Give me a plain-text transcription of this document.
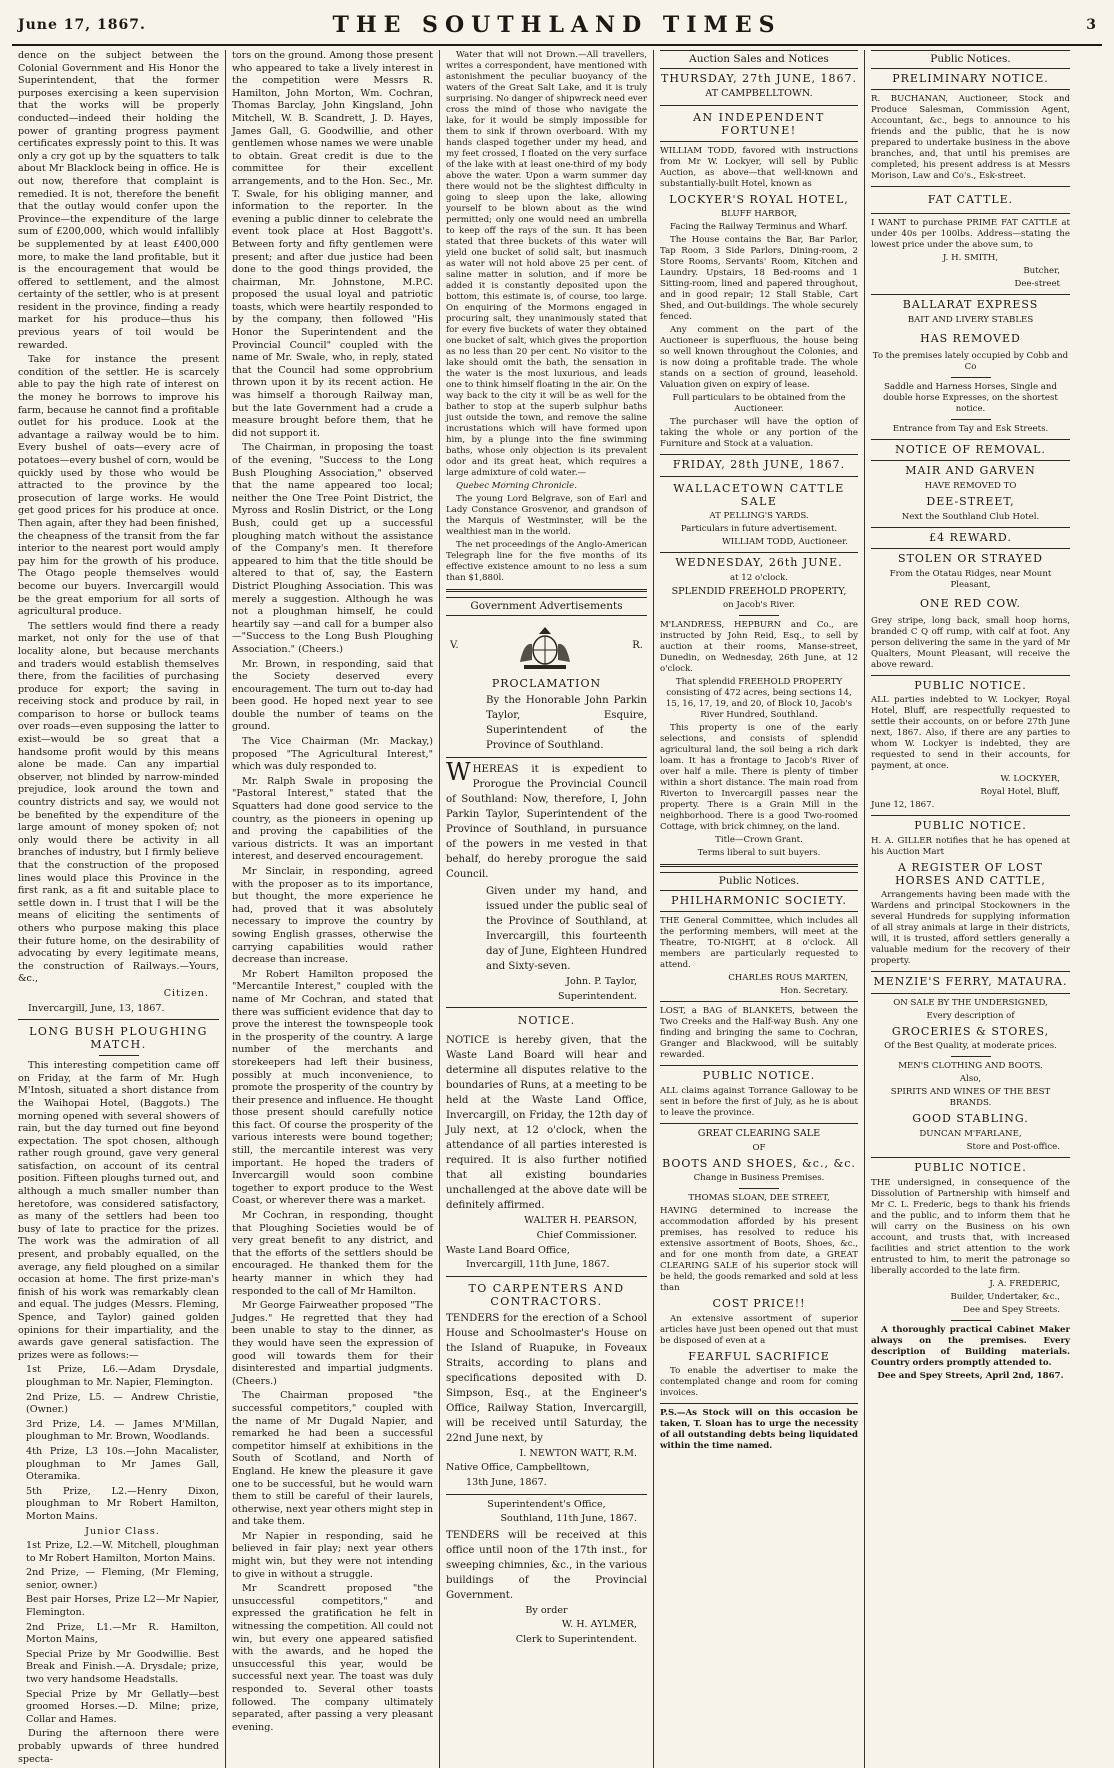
June 17, 1867.	THE SOUTHLAND TIMES	3

dence on the subject between the Colonial Government and His Honor the Superintendent, that the former purposes exercising a keen supervision that the works will be properly conducted—indeed their holding the power of granting progress payment certificates expressly point to this. It was only a cry got up by the squatters to talk about Mr Blacklock being in office. He is out now, therefore that complaint is remedied. It is not, therefore the benefit that the outlay would confer upon the Province—the expenditure of the large sum of £200,000, which would infallibly be supplemented by at least £400,000 more, to make the land profitable, but it is the encouragement that would be offered to settlement, and the almost certainty of the settler, who is at present resident in the province, finding a ready market for his produce—thus his previous years of toil would be rewarded.

Take for instance the present condition of the settler. He is scarcely able to pay the high rate of interest on the money he borrows to improve his farm, because he cannot find a profitable outlet for his produce. Look at the advantage a railway would be to him. Every bushel of oats—every acre of potatoes—every bushel of corn, would be quickly used by those who would be attracted to the province by the prosecution of large works. He would get good prices for his produce at once. Then again, after they had been finished, the cheapness of the transit from the far interior to the nearest port would amply pay him for the growth of his produce. The Otago people themselves would become our buyers. Invercargill would be the great emporium for all sorts of agricultural produce.

The settlers would find there a ready market, not only for the use of that locality alone, but because merchants and traders would establish themselves there, from the facilities of purchasing produce for export; the saving in receiving stock and produce by rail, in comparison to horse or bullock teams over roads—even supposing the latter to exist—would be so great that a handsome profit would by this means alone be made. Can any impartial observer, not blinded by narrow-minded prejudice, look around the town and country districts and say, we would not be benefited by the expenditure of the large amount of money spoken of; not only would there be activity in all branches of industry, but I firmly believe that the construction of the proposed lines would place this Province in the first rank, as a fit and suitable place to settle down in. I trust that I will be the means of eliciting the sentiments of others who purpose making this place their future home, on the desirability of advocating by every legitimate means, the construction of Railways.—Yours, &c.,

Citizen.

Invercargill, June, 13, 1867.

LONG BUSH PLOUGHING MATCH.

This interesting competition came off on Friday, at the farm of Mr. Hugh M'Intosh, situated a short distance from the Waihopai Hotel, (Baggots.) The morning opened with several showers of rain, but the day turned out fine beyond expectation. The spot chosen, although rather rough ground, gave very general satisfaction, on account of its central position. Fifteen ploughs turned out, and although a much smaller number than heretofore, was considered satisfactory, as many of the settlers had been too busy of late to practice for the prizes. The work was the admiration of all present, and probably equalled, on the average, any field ploughed on a similar occasion at home. The first prize-man's finish of his work was remarkably clean and equal. The judges (Messrs. Fleming, Spence, and Taylor) gained golden opinions for their impartiality, and the awards gave general satisfaction. The prizes were as follows:—

1st Prize, L6.—Adam Drysdale, ploughman to Mr. Napier, Flemington.

2nd Prize, L5. — Andrew Christie, (Owner.)

3rd Prize, L4. — James M'Millan, ploughman to Mr. Brown, Woodlands.

4th Prize, L3 10s.—John Macalister, ploughman to Mr James Gall, Oteramika.

5th Prize, L2.—Henry Dixon, ploughman to Mr Robert Hamilton, Morton Mains.

Junior Class.

1st Prize, L2.—W. Mitchell, ploughman to Mr Robert Hamilton, Morton Mains.

2nd Prize, — Fleming, (Mr Fleming, senior, owner.)

Best pair Horses, Prize L2—Mr Napier, Flemington.

2nd Prize, L1.—Mr R. Hamilton, Morton Mains,

Special Prize by Mr Goodwillie. Best Break and Finish.—A. Drysdale; prize, two very handsome Headstalls.

Special Prize by Mr Gellatly—best groomed Horses.—D. Milne; prize, Collar and Hames.

During the afternoon there were probably upwards of three hundred specta-

tors on the ground. Among those present who appeared to take a lively interest in the competition were Messrs R. Hamilton, John Morton, Wm. Cochran, Thomas Barclay, John Kingsland, John Mitchell, W. B. Scandrett, J. D. Hayes, James Gall, G. Goodwillie, and other gentlemen whose names we were unable to obtain. Great credit is due to the committee for their excellent arrangements, and to the Hon. Sec., Mr. T. Swale, for his obliging manner, and information to the reporter. In the evening a public dinner to celebrate the event took place at Host Baggott's. Between forty and fifty gentlemen were present; and after due justice had been done to the good things provided, the chairman, Mr. Johnstone, M.P.C. proposed the usual loyal and patriotic toasts, which were heartily responded to by the company, then followed "His Honor the Superintendent and the Provincial Council" coupled with the name of Mr. Swale, who, in reply, stated that the Council had some opprobrium thrown upon it by its recent action. He was himself a thorough Railway man, but the late Government had a crude a measure brought before them, that he did not support it.

The Chairman, in proposing the toast of the evening, "Success to the Long Bush Ploughing Association," observed that the name appeared too local; neither the One Tree Point District, the Myross and Roslin District, or the Long Bush, could get up a successful ploughing match without the assistance of the Company's men. It therefore appeared to him that the title should be altered to that of, say, the Eastern District Ploughing Association. This was merely a suggestion. Although he was not a ploughman himself, he could heartily say —and call for a bumper also—"Success to the Long Bush Ploughing Association." (Cheers.)

Mr. Brown, in responding, said that the Society deserved every encouragement. The turn out to-day had been good. He hoped next year to see double the number of teams on the ground.

The Vice Chairman (Mr. Mackay,) proposed "The Agricultural Interest," which was duly responded to.

Mr. Ralph Swale in proposing the "Pastoral Interest," stated that the Squatters had done good service to the country, as the pioneers in opening up and proving the capabilities of the various districts. It was an important interest, and deserved encouragement.

Mr Sinclair, in responding, agreed with the proposer as to its importance, but thought, the more experience he had, proved that it was absolutely necessary to improve the country by sowing English grasses, otherwise the carrying capabilities would rather decrease than increase.

Mr Robert Hamilton proposed the "Mercantile Interest," coupled with the name of Mr Cochran, and stated that there was sufficient evidence that day to prove the interest the townspeople took in the prosperity of the country. A large number of the merchants and storekeepers had left their business, possibly at much inconvenience, to promote the prosperity of the country by their presence and influence. He thought those present should carefully notice this fact. Of course the prosperity of the various interests were bound together; still, the mercantile interest was very important. He hoped the traders of Invercargill would soon combine together to export produce to the West Coast, or wherever there was a market.

Mr Cochran, in responding, thought that Ploughing Societies would be of very great benefit to any district, and that the efforts of the settlers should be encouraged. He thanked them for the hearty manner in which they had responded to the call of Mr Hamilton.

Mr George Fairweather proposed "The Judges." He regretted that they had been unable to stay to the dinner, as they would have seen the expression of good will towards them for their disinterested and impartial judgments. (Cheers.)

The Chairman proposed "the successful competitors," coupled with the name of Mr Dugald Napier, and remarked he had been a successful competitor himself at exhibitions in the South of Scotland, and North of England. He knew the pleasure it gave one to be successful, but he would warn them to still be careful of their laurels, otherwise, next year others might step in and take them.

Mr Napier in responding, said he believed in fair play; next year others might win, but they were not intending to give in without a struggle.

Mr Scandrett proposed "the unsuccessful competitors," and expressed the gratification he felt in witnessing the competition. All could not win, but every one appeared satisfied with the awards, and he hoped the unsuccessful this year, would be successful next year. The toast was duly responded to. Several other toasts followed. The company ultimately separated, after passing a very pleasant evening.

Water that will not Drown.—All travellers, writes a correspondent, have mentioned with astonishment the peculiar buoyancy of the waters of the Great Salt Lake, and it is truly surprising. No danger of shipwreck need ever cross the mind of those who navigate the lake, for it would be simply impossible for them to sink if thrown overboard. With my hands clasped together under my head, and my feet crossed, I floated on the very surface of the lake with at least one-third of my body above the water. Upon a warm summer day there would not be the slightest difficulty in going to sleep upon the lake, allowing yourself to be blown about as the wind permitted; only one would need an umbrella to keep off the rays of the sun. It has been stated that three buckets of this water will yield one bucket of solid salt, but inasmuch as water will not hold above 25 per cent. of saline matter in solution, and if more be added it is constantly deposited upon the bottom, this estimate is, of course, too large. On enquiring of the Mormons engaged in procuring salt, they unanimously stated that for every five buckets of water they obtained one bucket of salt, which gives the proportion as no less than 20 per cent. No visitor to the lake should omit the bath, the sensation in the water is the most luxurious, and leads one to think himself floating in the air. On the way back to the city it will be as well for the bather to stop at the superb sulphur baths just outside the town, and remove the saline incrustations which will have formed upon him, by a plunge into the fine swimming baths, whose only objection is its prevalent odor and its great heat, which requires a large admixture of cold water.—

Quebec Morning Chronicle.

The young Lord Belgrave, son of Earl and Lady Constance Grosvenor, and grandson of the Marquis of Westminster, will be the wealthiest man in the world.

The net proceedings of the Anglo-American Telegraph line for the five months of its effective existence amount to no less a sum than $1,880l.

Government Advertisements
V.	R.
PROCLAMATION

By the Honorable John Parkin Taylor, Esquire, Superintendent of the Province of Southland.

WHEREAS it is expedient to Prorogue the Provincial Council of Southland: Now, therefore, I, John Parkin Taylor, Superintendent of the Province of Southland, in pursuance of the powers in me vested in that behalf, do hereby prorogue the said Council.

Given under my hand, and issued under the public seal of the Province of Southland, at Invercargill, this fourteenth day of June, Eighteen Hundred and Sixty-seven.

John. P. Taylor,

Superintendent.

NOTICE.

NOTICE is hereby given, that the Waste Land Board will hear and determine all disputes relative to the boundaries of Runs, at a meeting to be held at the Waste Land Office, Invercargill, on Friday, the 12th day of July next, at 12 o'clock, when the attendance of all parties interested is required. It is also further notified that all existing boundaries unchallenged at the above date will be definitely affirmed.

WALTER H. PEARSON,

Chief Commissioner.

Waste Land Board Office,

Invercargill, 11th June, 1867.

TO CARPENTERS AND CONTRACTORS.

TENDERS for the erection of a School House and Schoolmaster's House on the Island of Ruapuke, in Foveaux Straits, according to plans and specifications deposited with D. Simpson, Esq., at the Engineer's Office, Railway Station, Invercargill, will be received until Saturday, the 22nd June next, by

I. NEWTON WATT, R.M.

Native Office, Campbelltown,

13th June, 1867.

Superintendent's Office,

Southland, 11th June, 1867.

TENDERS will be received at this office until noon of the 17th inst., for sweeping chimnies, &c., in the various buildings of the Provincial Government.

By order

W. H. AYLMER,

Clerk to Superintendent.

Auction Sales and Notices
THURSDAY, 27th JUNE, 1867.

AT CAMPBELLTOWN.

AN INDEPENDENT FORTUNE!

WILLIAM TODD, favored with instructions from Mr W. Lockyer, will sell by Public Auction, as above—that well-known and substantially-built Hotel, known as

LOCKYER'S ROYAL HOTEL,

BLUFF HARBOR,

Facing the Railway Terminus and Wharf.

The House contains the Bar, Bar Parlor, Tap Room, 3 Side Parlors, Dining-room, 2 Store Rooms, Servants' Room, Kitchen and Laundry. Upstairs, 18 Bed-rooms and 1 Sitting-room, lined and papered throughout, and in good repair; 12 Stall Stable, Cart Shed, and Out-buildings. The whole securely fenced.

Any comment on the part of the Auctioneer is superfluous, the house being so well known throughout the Colonies, and is now doing a profitable trade. The whole stands on a section of ground, leasehold. Valuation given on expiry of lease.

Full particulars to be obtained from the Auctioneer.

The purchaser will have the option of taking the whole or any portion of the Furniture and Stock at a valuation.

FRIDAY, 28th JUNE, 1867.
WALLACETOWN CATTLE SALE

AT PELLING'S YARDS.

Particulars in future advertisement.

WILLIAM TODD, Auctioneer.

WEDNESDAY, 26th JUNE.

at 12 o'clock.

SPLENDID FREEHOLD PROPERTY,

on Jacob's River.

M'LANDRESS, HEPBURN and Co., are instructed by John Reid, Esq., to sell by auction at their rooms, Manse-street, Dunedin, on Wednesday, 26th June, at 12 o'clock.

That splendid FREEHOLD PROPERTY consisting of 472 acres, being sections 14, 15, 16, 17, 19, and 20, of Block 10, Jacob's River Hundred, Southland.

This property is one of the early selections, and consists of splendid agricultural land, the soil being a rich dark loam. It has a frontage to Jacob's River of over half a mile. There is plenty of timber within a short distance. The main road from Riverton to Invercargill passes near the property. There is a Grain Mill in the neighborhood. There is a good Two-roomed Cottage, with brick chimney, on the land.

Title—Crown Grant.

Terms liberal to suit buyers.

Public Notices.
PHILHARMONIC SOCIETY.

THE General Committee, which includes all the performing members, will meet at the Theatre, TO-NIGHT, at 8 o'clock. All members are particularly requested to attend.

CHARLES ROUS MARTEN,

Hon. Secretary.

LOST, a BAG of BLANKETS, between the Two Creeks and the Half-way Bush. Any one finding and bringing the same to Cochran, Granger and Blackwood, will be suitably rewarded.

PUBLIC NOTICE.

ALL claims against Torrance Galloway to be sent in before the first of July, as he is about to leave the province.

GREAT CLEARING SALE

OF

BOOTS AND SHOES, &c., &c.

Change in Business Premises.

THOMAS SLOAN, DEE STREET,

HAVING determined to increase the accommodation afforded by his present premises, has resolved to reduce his extensive assortment of Boots, Shoes, &c., and for one month from date, a GREAT CLEARING SALE of his superior stock will be held, the goods remarked and sold at less than

COST PRICE!!

An extensive assortment of superior articles have just been opened out that must be disposed of even at a

FEARFUL SACRIFICE

To enable the advertiser to make the contemplated change and room for coming invoices.

P.S.—As Stock will on this occasion be taken, T. Sloan has to urge the necessity of all outstanding debts being liquidated within the time named.

Public Notices.
PRELIMINARY NOTICE.

R. BUCHANAN, Auctioneer, Stock and Produce Salesman, Commission Agent, Accountant, &c., begs to announce to his friends and the public, that he is now prepared to undertake business in the above branches, and, that until his premises are completed, his present address is at Messrs Morison, Law and Co's., Esk-street.

FAT CATTLE.

I WANT to purchase PRIME FAT CATTLE at under 40s per 100lbs. Address—stating the lowest price under the above sum, to

J. H. SMITH,

Butcher,

Dee-street

BALLARAT EXPRESS

BAIT AND LIVERY STABLES

HAS REMOVED

To the premises lately occupied by Cobb and Co

Saddle and Harness Horses, Single and double horse Expresses, on the shortest notice.

Entrance from Tay and Esk Streets.

NOTICE OF REMOVAL.
MAIR AND GARVEN

HAVE REMOVED TO

DEE-STREET,

Next the Southland Club Hotel.

£4 REWARD.
STOLEN OR STRAYED

From the Otatau Ridges, near Mount Pleasant,

ONE RED COW.

Grey stripe, long back, small hoop horns, branded C Q off rump, with calf at foot. Any person delivering the same in the yard of Mr Qualters, Mount Pleasant, will receive the above reward.

PUBLIC NOTICE.

ALL parties indebted to W. Lockyer, Royal Hotel, Bluff, are respectfully requested to settle their accounts, on or before 27th June next, 1867. Also, if there are any parties to whom W. Lockyer is indebted, they are requested to send in their accounts, for payment, at once.

W. LOCKYER,

Royal Hotel, Bluff,

June 12, 1867.

PUBLIC NOTICE.

H. A. GILLER notifies that he has opened at his Auction Mart

A REGISTER OF LOST HORSES AND CATTLE,

Arrangements having been made with the Wardens and principal Stockowners in the several Hundreds for supplying information of all stray animals at large in their districts, will, it is trusted, afford settlers generally a valuable medium for the recovery of their property.

MENZIE'S FERRY, MATAURA.

ON SALE BY THE UNDERSIGNED,

Every description of

GROCERIES & STORES,

Of the Best Quality, at moderate prices.

MEN'S CLOTHING AND BOOTS.

Also,

SPIRITS AND WINES OF THE BEST BRANDS.

GOOD STABLING.

DUNCAN M'FARLANE,

Store and Post-office.

PUBLIC NOTICE.

THE undersigned, in consequence of the Dissolution of Partnership with himself and Mr C. L. Frederic, begs to thank his friends and the public, and to inform them that he will carry on the Business on his own account, and trusts that, with increased facilities and strict attention to the work entrusted to him, to merit the patronage so liberally accorded to the late firm.

J. A. FREDERIC,

Builder, Undertaker, &c.,

Dee and Spey Streets.

A thoroughly practical Cabinet Maker always on the premises. Every description of Building materials. Country orders promptly attended to.

Dee and Spey Streets, April 2nd, 1867.
